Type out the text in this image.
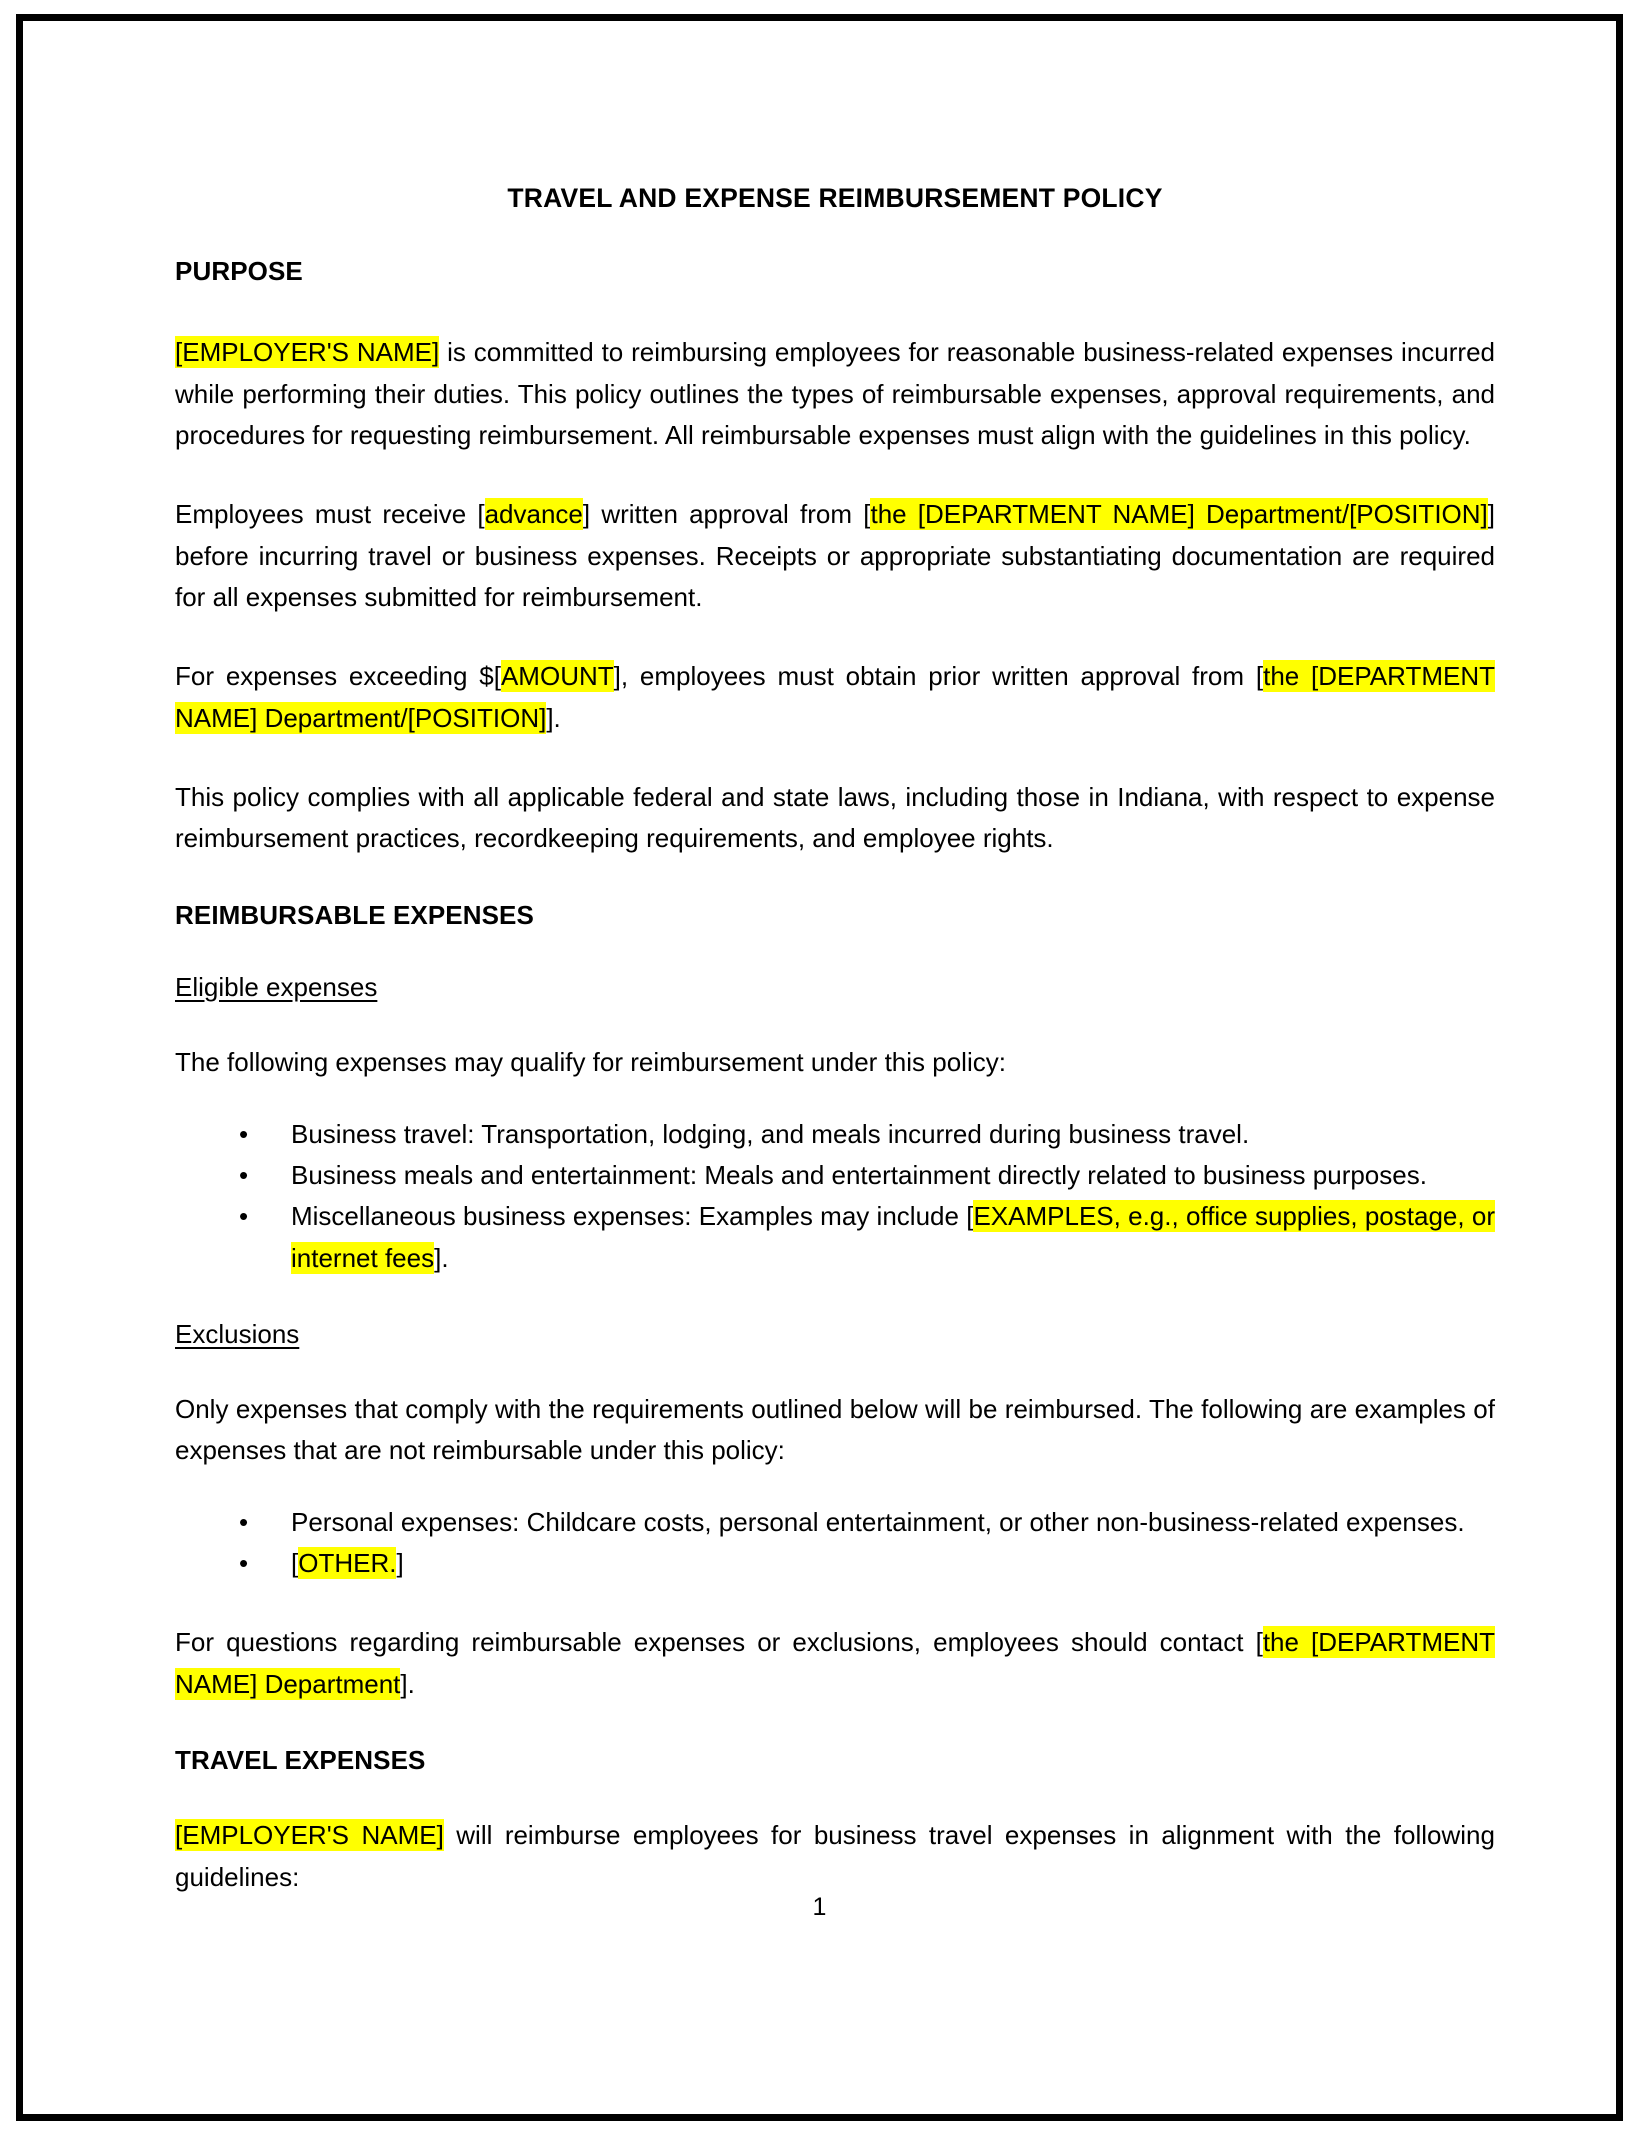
TRAVEL AND EXPENSE REIMBURSEMENT POLICY
PURPOSE

[EMPLOYER'S NAME] is committed to reimbursing employees for reasonable business-related expenses incurred while performing their duties. This policy outlines the types of reimbursable expenses, approval requirements, and procedures for requesting reimbursement. All reimbursable expenses must align with the guidelines in this policy.

Employees must receive [advance] written approval from [the [DEPARTMENT NAME] Department/[POSITION]] before incurring travel or business expenses. Receipts or appropriate substantiating documentation are required for all expenses submitted for reimbursement.

For expenses exceeding $[AMOUNT], employees must obtain prior written approval from [the [DEPARTMENT NAME] Department/[POSITION]].

This policy complies with all applicable federal and state laws, including those in Indiana, with respect to expense reimbursement practices, recordkeeping requirements, and employee rights.

REIMBURSABLE EXPENSES
Eligible expenses

The following expenses may qualify for reimbursement under this policy:

• Business travel: Transportation, lodging, and meals incurred during business travel.
• Business meals and entertainment: Meals and entertainment directly related to business purposes.
• Miscellaneous business expenses: Examples may include [EXAMPLES, e.g., office supplies, postage, or internet fees].
Exclusions

Only expenses that comply with the requirements outlined below will be reimbursed. The following are examples of expenses that are not reimbursable under this policy:

• Personal expenses: Childcare costs, personal entertainment, or other non-business-related expenses.
• [OTHER.]

For questions regarding reimbursable expenses or exclusions, employees should contact [the [DEPARTMENT NAME] Department].

TRAVEL EXPENSES

[EMPLOYER'S NAME] will reimburse employees for business travel expenses in alignment with the following guidelines:

1
